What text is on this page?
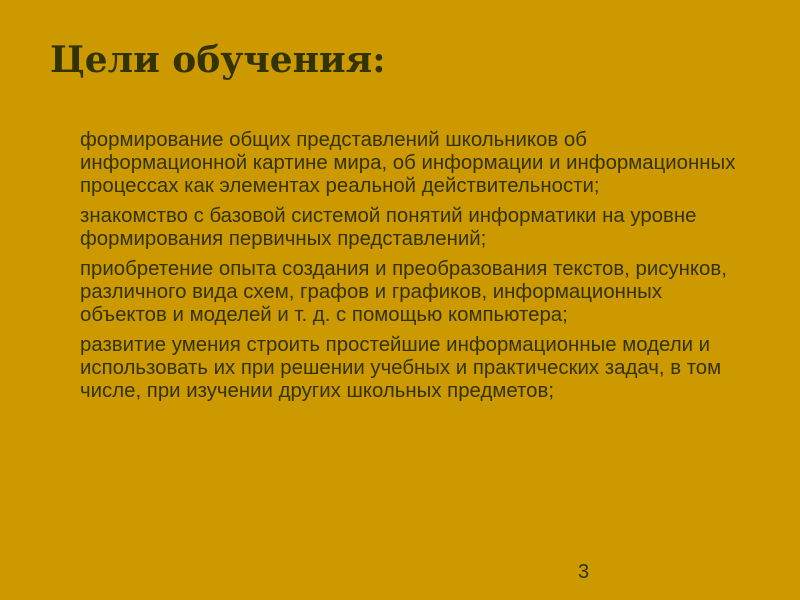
Цели обучения:
формирование общих представлений школьников об информационной картине мира, об информации и информационных процессах как элементах реальной действительности;
знакомство с базовой системой понятий информатики на уровне формирования первичных представлений;
приобретение опыта создания и преобразования текстов, рисунков, различного вида схем, графов и графиков, информационных объектов и моделей и т. д. с помощью компьютера;
развитие умения строить простейшие информационные модели и использовать их при решении учебных и практических задач, в том числе, при изучении других школьных предметов;
3
